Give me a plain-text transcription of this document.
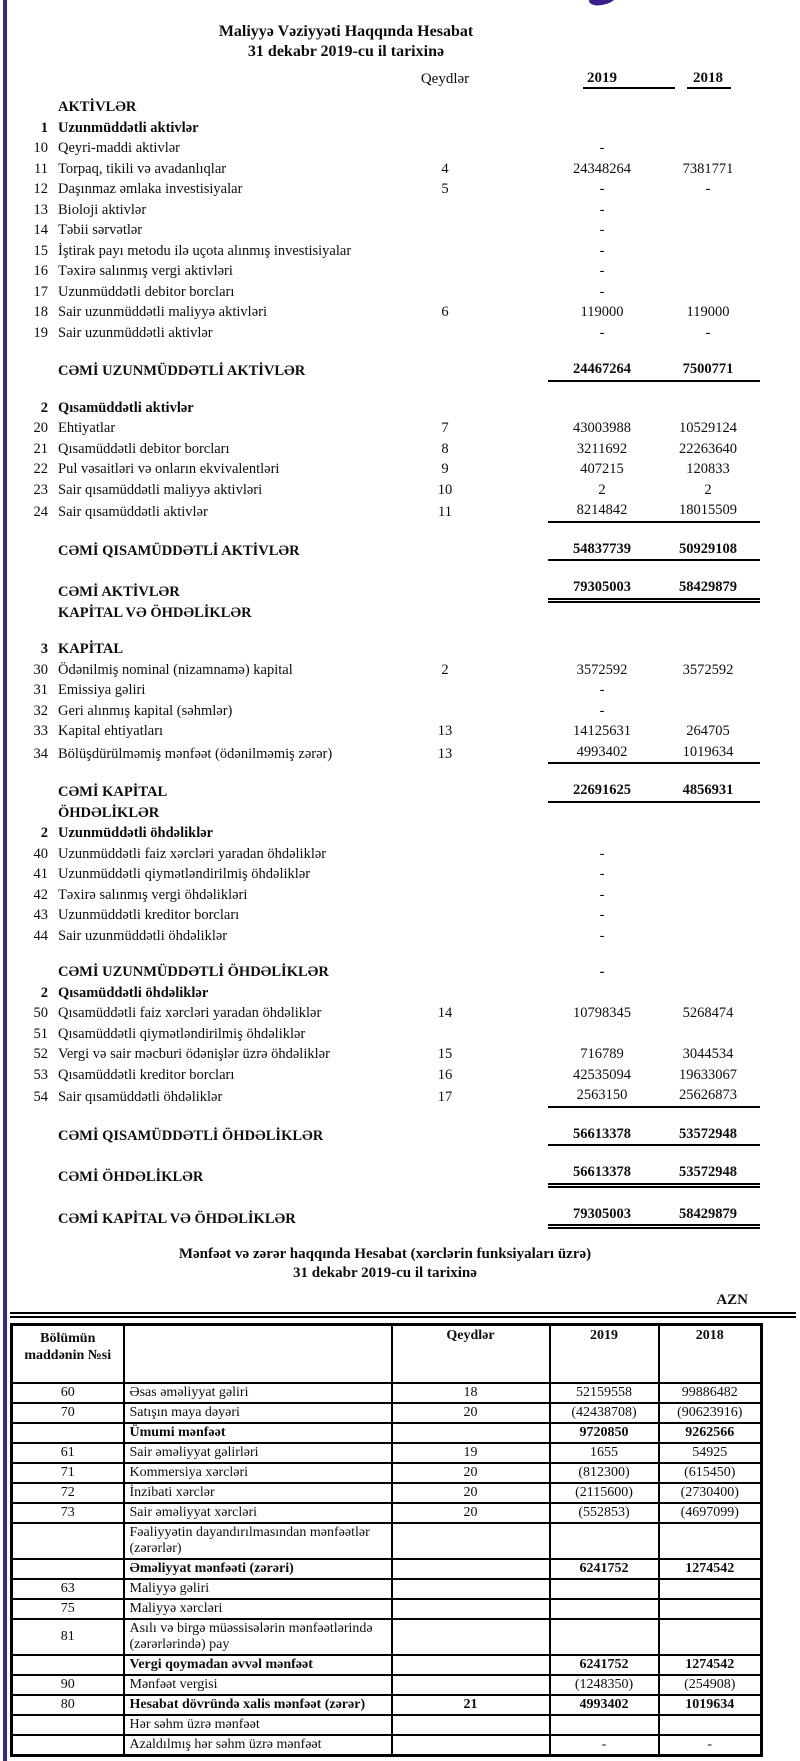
Maliyyə Vəziyyəti Haqqında Hesabat
31 dekabr 2019-cu il tarixinə
Qeydlər	2019	2018
AKTİVLƏR
1 Uzunmüddətli aktivlər
10 Qeyri-maddi aktivlər	-
11 Torpaq, tikili və avadanlıqlar	4	24348264	7381771
12 Daşınmaz əmlaka investisiyalar	5	-	-
13 Bioloji aktivlər	-
14 Təbii sərvətlər	-
15 İştirak payı metodu ilə uçota alınmış investisiyalar	-
16 Təxirə salınmış vergi aktivləri	-
17 Uzunmüddətli debitor borcları	-
18 Sair uzunmüddətli maliyyə aktivləri	6	119000	119000
19 Sair uzunmüddətli aktivlər	-	-
CƏMİ UZUNMÜDDƏTLİ AKTİVLƏR	24467264	7500771
2 Qısamüddətli aktivlər
20 Ehtiyatlar	7	43003988	10529124
21 Qısamüddətli debitor borcları	8	3211692	22263640
22 Pul vəsaitləri və onların ekvivalentləri	9	407215	120833
23 Sair qısamüddətli maliyyə aktivləri	10	2	2
24 Sair qısamüddətli aktivlər	11	8214842	18015509
CƏMİ QISAMÜDDƏTLİ AKTİVLƏR	54837739	50929108
CƏMİ AKTİVLƏR	79305003	58429879
KAPİTAL VƏ ÖHDƏLİKLƏR
3 KAPİTAL
30 Ödənilmiş nominal (nizamnamə) kapital	2	3572592	3572592
31 Emissiya gəliri	-
32 Geri alınmış kapital (səhmlər)	-
33 Kapital ehtiyatları	13	14125631	264705
34 Bölüşdürülməmiş mənfəət (ödənilməmiş zərər)	13	4993402	1019634
CƏMİ KAPİTAL	22691625	4856931
ÖHDƏLİKLƏR
2 Uzunmüddətli öhdəliklər
40 Uzunmüddətli faiz xərcləri yaradan öhdəliklər	-
41 Uzunmüddətli qiymətləndirilmiş öhdəliklər	-
42 Təxirə salınmış vergi öhdəlikləri	-
43 Uzunmüddətli kreditor borcları	-
44 Sair uzunmüddətli öhdəliklər	-
CƏMİ UZUNMÜDDƏTLİ ÖHDƏLİKLƏR	-
2 Qısamüddətli öhdəliklər
50 Qısamüddətli faiz xərcləri yaradan öhdəliklər	14	10798345	5268474
51 Qısamüddətli qiymətləndirilmiş öhdəliklər
52 Vergi və sair məcburi ödənişlər üzrə öhdəliklər	15	716789	3044534
53 Qısamüddətli kreditor borcları	16	42535094	19633067
54 Sair qısamüddətli öhdəliklər	17	2563150	25626873
CƏMİ QISAMÜDDƏTLİ ÖHDƏLİKLƏR	56613378	53572948
CƏMİ ÖHDƏLİKLƏR	56613378	53572948
CƏMİ KAPİTAL VƏ ÖHDƏLİKLƏR	79305003	58429879
Mənfəət və zərər haqqında Hesabat (xərclərin funksiyaları üzrə)
31 dekabr 2019-cu il tarixinə
AZN
Bölümün maddənin №si		Qeydlər	2019	2018
60	Əsas əməliyyat gəliri	18	52159558	99886482
70	Satışın maya dəyəri	20	(42438708)	(90623916)
	Ümumi mənfəət		9720850	9262566
61	Sair əməliyyat gəlirləri	19	1655	54925
71	Kommersiya xərcləri	20	(812300)	(615450)
72	İnzibati xərclər	20	(2115600)	(2730400)
73	Sair əməliyyat xərcləri	20	(552853)	(4697099)
	Fəaliyyətin dayandırılmasından mənfəətlər (zərərlər)			
	Əməliyyat mənfəəti (zərəri)		6241752	1274542
63	Maliyyə gəliri			
75	Maliyyə xərcləri			
81	Asılı və birgə müəssisələrin mənfəətlərində (zərərlərində) pay			
	Vergi qoymadan əvvəl mənfəət		6241752	1274542
90	Mənfəət vergisi		(1248350)	(254908)
80	Hesabat dövründə xalis mənfəət (zərər)	21	4993402	1019634
	Hər səhm üzrə mənfəət			
	Azaldılmış hər səhm üzrə mənfəət		-	-
